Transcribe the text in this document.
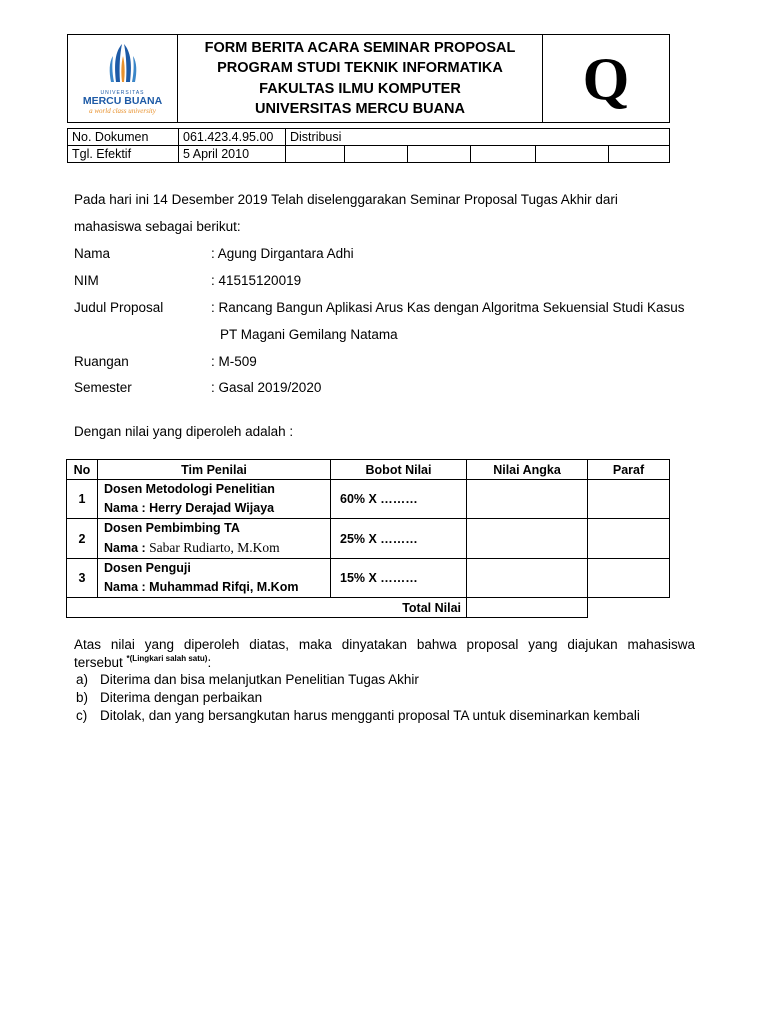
UNIVERSITAS
MERCU BUANA
a world class university

FORM BERITA ACARA SEMINAR PROPOSAL
PROGRAM STUDI TEKNIK INFORMATIKA
FAKULTAS ILMU KOMPUTER
UNIVERSITAS MERCU BUANA	Q
No. Dokumen	061.423.4.95.00	Distribusi					
Tgl. Efektif	5 April 2010						
Pada hari ini 14 Desember 2019 Telah diselenggarakan Seminar Proposal Tugas Akhir dari
mahasiswa sebagai berikut:
Nama	: Agung Dirgantara Adhi
NIM	: 41515120019
Judul Proposal	: Rancang Bangun Aplikasi Arus Kas dengan Algoritma Sekuensial Studi Kasus
PT Magani Gemilang Natama
Ruangan	: M-509
Semester	: Gasal 2019/2020
Dengan nilai yang diperoleh adalah :
No	Tim Penilai	Bobot Nilai	Nilai Angka	Paraf
1	Dosen Metodologi Penelitian
Nama : Herry Derajad Wijaya	60% X ………		
2	Dosen Pembimbing TA
Nama : Sabar Rudiarto, M.Kom	25% X ………		
3	Dosen Penguji
Nama : Muhammad Rifqi, M.Kom	15% X ………		
Total Nilai				
Atas nilai yang diperoleh diatas, maka dinyatakan bahwa proposal yang diajukan mahasiswa
tersebut $^{*(Lingkari salah satu)}$:
a) Diterima dan bisa melanjutkan Penelitian Tugas Akhir
b) Diterima dengan perbaikan
c) Ditolak, dan yang bersangkutan harus mengganti proposal TA untuk diseminarkan kembali
